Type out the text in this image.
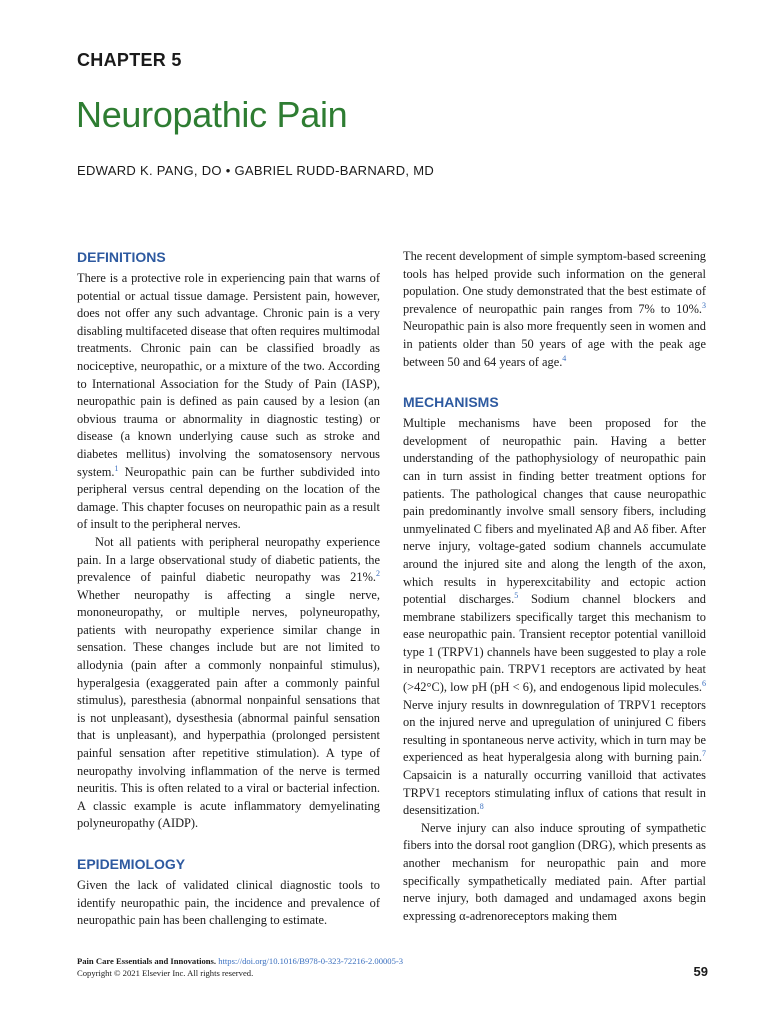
CHAPTER 5
Neuropathic Pain
EDWARD K. PANG, DO • GABRIEL RUDD-BARNARD, MD
DEFINITIONS

There is a protective role in experiencing pain that warns of potential or actual tissue damage. Persistent pain, however, does not offer any such advantage. Chronic pain is a very disabling multifaceted disease that often requires multimodal treatments. Chronic pain can be classified broadly as nociceptive, neuropathic, or a mixture of the two. According to International Association for the Study of Pain (IASP), neuropathic pain is defined as pain caused by a lesion (an obvious trauma or abnormality in diagnostic testing) or disease (a known underlying cause such as stroke and diabetes mellitus) involving the somatosensory nervous system.$^1$ Neuropathic pain can be further subdivided into peripheral versus central depending on the location of the damage. This chapter focuses on neuropathic pain as a result of insult to the peripheral nerves.

Not all patients with peripheral neuropathy experience pain. In a large observational study of diabetic patients, the prevalence of painful diabetic neuropathy was 21%.$^2$ Whether neuropathy is affecting a single nerve, mononeuropathy, or multiple nerves, polyneuropathy, patients with neuropathy experience similar change in sensation. These changes include but are not limited to allodynia (pain after a commonly nonpainful stimulus), hyperalgesia (exaggerated pain after a commonly painful stimulus), paresthesia (abnormal nonpainful sensations that is not unpleasant), dysesthesia (abnormal painful sensation that is unpleasant), and hyperpathia (prolonged persistent painful sensation after repetitive stimulation). A type of neuropathy involving inflammation of the nerve is termed neuritis. This is often related to a viral or bacterial infection. A classic example is acute inflammatory demyelinating polyneuropathy (AIDP).

EPIDEMIOLOGY

Given the lack of validated clinical diagnostic tools to identify neuropathic pain, the incidence and prevalence of neuropathic pain has been challenging to estimate.

The recent development of simple symptom-based screening tools has helped provide such information on the general population. One study demonstrated that the best estimate of prevalence of neuropathic pain ranges from 7% to 10%.$^3$ Neuropathic pain is also more frequently seen in women and in patients older than 50 years of age with the peak age between 50 and 64 years of age.$^4$

MECHANISMS

Multiple mechanisms have been proposed for the development of neuropathic pain. Having a better understanding of the pathophysiology of neuropathic pain can in turn assist in finding better treatment options for patients. The pathological changes that cause neuropathic pain predominantly involve small sensory fibers, including unmyelinated C fibers and myelinated Aβ and Aδ fiber. After nerve injury, voltage-gated sodium channels accumulate around the injured site and along the length of the axon, which results in hyperexcitability and ectopic action potential discharges.$^5$ Sodium channel blockers and membrane stabilizers specifically target this mechanism to ease neuropathic pain. Transient receptor potential vanilloid type 1 (TRPV1) channels have been suggested to play a role in neuropathic pain. TRPV1 receptors are activated by heat (>42°C), low pH (pH < 6), and endogenous lipid molecules.$^6$ Nerve injury results in downregulation of TRPV1 receptors on the injured nerve and upregulation of uninjured C fibers resulting in spontaneous nerve activity, which in turn may be experienced as heat hyperalgesia along with burning pain.$^7$ Capsaicin is a naturally occurring vanilloid that activates TRPV1 receptors stimulating influx of cations that result in desensitization.$^8$

Nerve injury can also induce sprouting of sympathetic fibers into the dorsal root ganglion (DRG), which presents as another mechanism for neuropathic pain and more specifically sympathetically mediated pain. After partial nerve injury, both damaged and undamaged axons begin expressing α-adrenoreceptors making them

Pain Care Essentials and Innovations. https://doi.org/10.1016/B978-0-323-72216-2.00005-3
Copyright © 2021 Elsevier Inc. All rights reserved.	59
